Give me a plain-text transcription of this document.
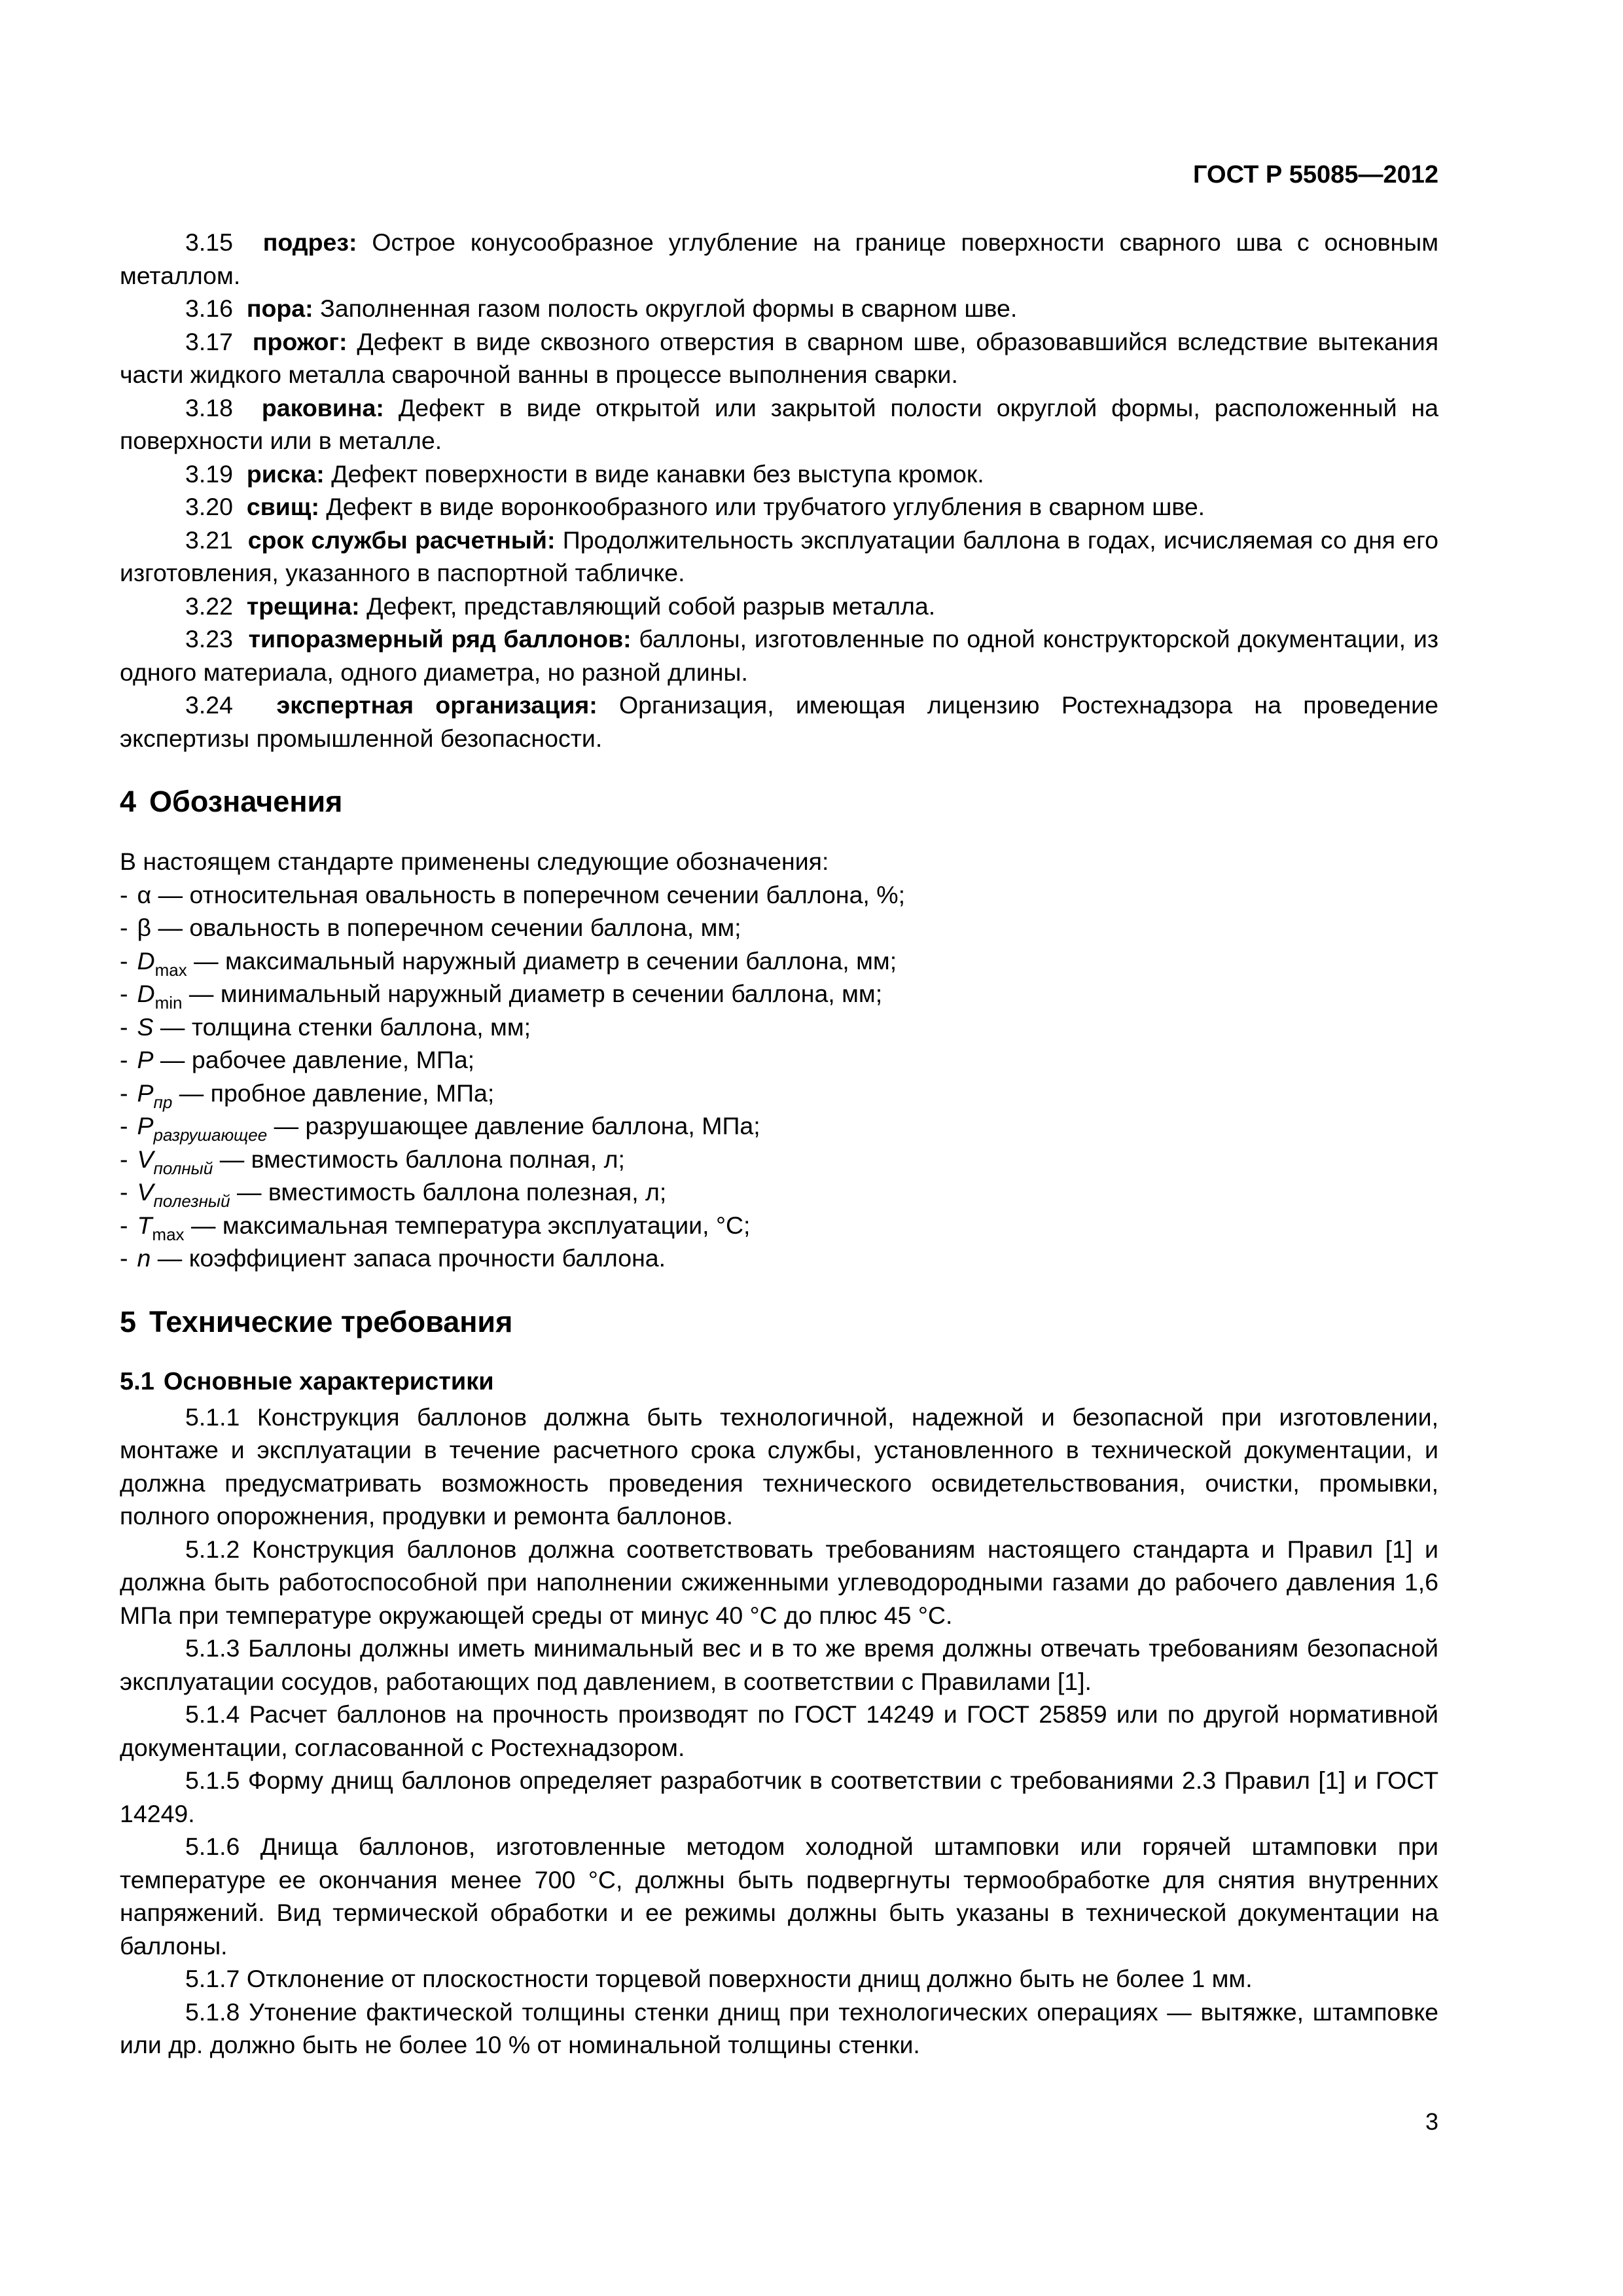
ГОСТ Р 55085—2012

3.15 подрез: Острое конусообразное углубление на границе поверхности сварного шва с основным металлом.

3.16 пора: Заполненная газом полость округлой формы в сварном шве.

3.17 прожог: Дефект в виде сквозного отверстия в сварном шве, образовавшийся вследствие вытекания части жидкого металла сварочной ванны в процессе выполнения сварки.

3.18 раковина: Дефект в виде открытой или закрытой полости округлой формы, расположенный на поверхности или в металле.

3.19 риска: Дефект поверхности в виде канавки без выступа кромок.

3.20 свищ: Дефект в виде воронкообразного или трубчатого углубления в сварном шве.

3.21 срок службы расчетный: Продолжительность эксплуатации баллона в годах, исчисляемая со дня его изготовления, указанного в паспортной табличке.

3.22 трещина: Дефект, представляющий собой разрыв металла.

3.23 типоразмерный ряд баллонов: баллоны, изготовленные по одной конструкторской документации, из одного материала, одного диаметра, но разной длины.

3.24 экспертная организация: Организация, имеющая лицензию Ростехнадзора на проведение экспертизы промышленной безопасности.

4 Обозначения

В настоящем стандарте применены следующие обозначения:

- α — относительная овальность в поперечном сечении баллона, %;
- β — овальность в поперечном сечении баллона, мм;
- $D_{max}$ — максимальный наружный диаметр в сечении баллона, мм;
- $D_{min}$ — минимальный наружный диаметр в сечении баллона, мм;
- S — толщина стенки баллона, мм;
- P — рабочее давление, МПа;
- $P_{пр}$ — пробное давление, МПа;
- $P_{разрушающее}$ — разрушающее давление баллона, МПа;
- $V_{полный}$ — вместимость баллона полная, л;
- $V_{полезный}$ — вместимость баллона полезная, л;
- $T_{max}$ — максимальная температура эксплуатации, °C;
- n — коэффициент запаса прочности баллона.
5 Технические требования
5.1 Основные характеристики

5.1.1 Конструкция баллонов должна быть технологичной, надежной и безопасной при изготовлении, монтаже и эксплуатации в течение расчетного срока службы, установленного в технической документации, и должна предусматривать возможность проведения технического освидетельствования, очистки, промывки, полного опорожнения, продувки и ремонта баллонов.

5.1.2 Конструкция баллонов должна соответствовать требованиям настоящего стандарта и Правил [1] и должна быть работоспособной при наполнении сжиженными углеводородными газами до рабочего давления 1,6 МПа при температуре окружающей среды от минус 40 °C до плюс 45 °C.

5.1.3 Баллоны должны иметь минимальный вес и в то же время должны отвечать требованиям безопасной эксплуатации сосудов, работающих под давлением, в соответствии с Правилами [1].

5.1.4 Расчет баллонов на прочность производят по ГОСТ 14249 и ГОСТ 25859 или по другой нормативной документации, согласованной с Ростехнадзором.

5.1.5 Форму днищ баллонов определяет разработчик в соответствии с требованиями 2.3 Правил [1] и ГОСТ 14249.

5.1.6 Днища баллонов, изготовленные методом холодной штамповки или горячей штамповки при температуре ее окончания менее 700 °C, должны быть подвергнуты термообработке для снятия внутренних напряжений. Вид термической обработки и ее режимы должны быть указаны в технической документации на баллоны.

5.1.7 Отклонение от плоскостности торцевой поверхности днищ должно быть не более 1 мм.

5.1.8 Утонение фактической толщины стенки днищ при технологических операциях — вытяжке, штамповке или др. должно быть не более 10 % от номинальной толщины стенки.

3
